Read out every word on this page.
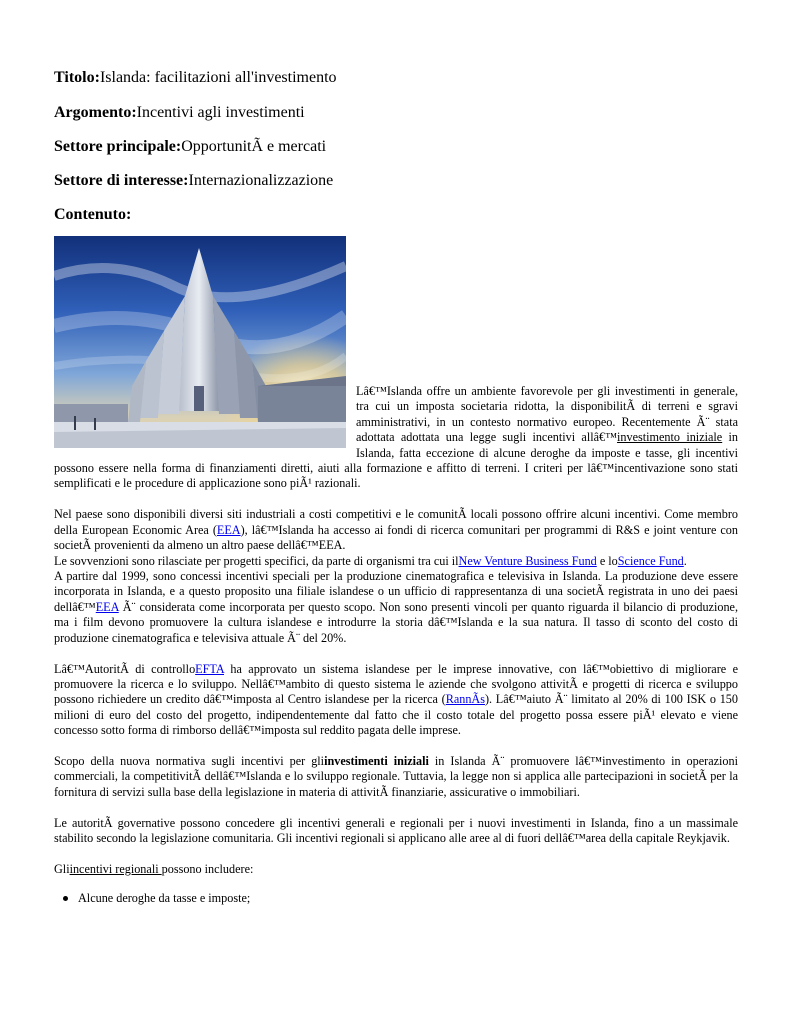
Titolo:Islanda: facilitazioni all'investimento

Argomento:Incentivi agli investimenti

Settore principale:OpportunitÃ e mercati

Settore di interesse:Internazionalizzazione

Contenuto:

Lâ€™Islanda offre un ambiente favorevole per gli investimenti in generale, tra cui un imposta societaria ridotta, la disponibilitÃ di terreni e sgravi amministrativi, in un contesto normativo europeo. Recentemente Ã¨ stata adottata adottata una legge sugli incentivi allâ€™investimento iniziale in Islanda, fatta eccezione di alcune deroghe da imposte e tasse, gli incentivi possono essere nella forma di finanziamenti diretti, aiuti alla formazione e affitto di terreni. I criteri per lâ€™incentivazione sono stati semplificati e le procedure di applicazione sono piÃ¹ razionali.

Nel paese sono disponibili diversi siti industriali a costi competitivi e le comunitÃ locali possono offrire alcuni incentivi. Come membro della European Economic Area (EEA), lâ€™Islanda ha accesso ai fondi di ricerca comunitari per programmi di R&S e joint venture con societÃ provenienti da almeno un altro paese dellâ€™EEA.
Le sovvenzioni sono rilasciate per progetti specifici, da parte di organismi tra cui ilNew Venture Business Fund e loScience Fund.
A partire dal 1999, sono concessi incentivi speciali per la produzione cinematografica e televisiva in Islanda. La produzione deve essere incorporata in Islanda, e a questo proposito una filiale islandese o un ufficio di rappresentanza di una societÃ registrata in uno dei paesi dellâ€™EEA Ã¨ considerata come incorporata per questo scopo. Non sono presenti vincoli per quanto riguarda il bilancio di produzione, ma i film devono promuovere la cultura islandese e introdurre la storia dâ€™Islanda e la sua natura. Il tasso di sconto del costo di produzione cinematografica e televisiva attuale Ã¨ del 20%.

Lâ€™AutoritÃ di controlloEFTA ha approvato un sistema islandese per le imprese innovative, con lâ€™obiettivo di migliorare e promuovere la ricerca e lo sviluppo. Nellâ€™ambito di questo sistema le aziende che svolgono attivitÃ e progetti di ricerca e sviluppo possono richiedere un credito dâ€™imposta al Centro islandese per la ricerca (RannÃs). Lâ€™aiuto Ã¨ limitato al 20% di 100 ISK o 150 milioni di euro del costo del progetto, indipendentemente dal fatto che il costo totale del progetto possa essere piÃ¹ elevato e viene concesso sotto forma di rimborso dellâ€™imposta sul reddito pagata delle imprese.

Scopo della nuova normativa sugli incentivi per gliinvestimenti iniziali in Islanda Ã¨ promuovere lâ€™investimento in operazioni commerciali, la competitivitÃ dellâ€™Islanda e lo sviluppo regionale. Tuttavia, la legge non si applica alle partecipazioni in societÃ per la fornitura di servizi sulla base della legislazione in materia di attivitÃ finanziarie, assicurative o immobiliari.

Le autoritÃ governative possono concedere gli incentivi generali e regionali per i nuovi investimenti in Islanda, fino a un massimale stabilito secondo la legislazione comunitaria. Gli incentivi regionali si applicano alle aree al di fuori dellâ€™area della capitale Reykjavik.

Gliincentivi regionali possono includere:

Alcune deroghe da tasse e imposte;
